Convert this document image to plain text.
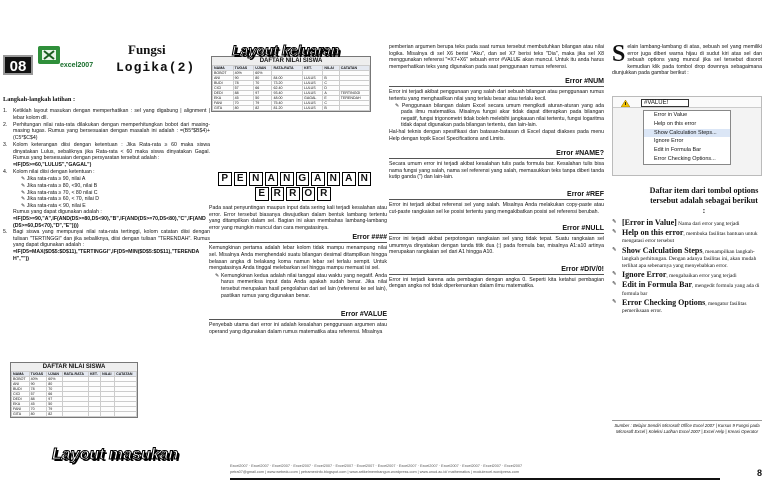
08	excel2007
Fungsi
Logika(2)
Langkah-langkah latihan :
1.	Ketiklah layout masukan dengan memperhatikan : sel yang digabung | alignment | lebar kolom dll.
2.	Perhitungan nilai rata-rata dilakukan dengan memperhitungkan bobot dari masing-masing tugas. Rumus yang bersesuaian dengan masalah ini adalah : =(B5*$B$4)+(C5*$C$4)
3.	Kolom keterangan diisi dengan ketentuan : Jika Rata-rata ≥ 60 maka siswa dinyatakan Lulus, sebaliknya jika Rata-rata < 60 maka siswa dinyatakan Gagal. Rumus yang bersesuaian dengan persyaratan tersebut adalah :
=IF(D5>=60,"LULUS","GAGAL")
4.	Kolom nilai diisi dengan ketentuan :
✎ Jika rata-rata ≥ 90, nilai A
✎ Jika rata-rata ≥ 80, <90, nilai B
✎ Jika rata-rata ≥ 70, < 80 nilai C
✎ Jika rata-rata ≥ 60, < 70, nilai D
✎ Jika rata-rata < 90, nilai E
Rumus yang dapat digunakan adalah :
=IF(D5>=90,"A",IF(AND(D5>=80,D5<90),"B",IF(AND(D5>=70,D5<80),"C",IF(AND(D5>=60,D5<70),"D","E"))))
5.	Bagi siswa yang mempunyai nilai rata-rata tertinggi, kolom catatan diisi dengan tulisan "TERTINGGI" dan jika sebaliknya, diisi dengan tulisan "TERENDAH". Rumus yang dapat digunakan adalah :
=IF(D5=MAX($D$5:$D$11),"TERTINGGI",IF(D5=MIN($D$5:$D$11),"TERENDAH",""))
DAFTAR NILAI SISWA
NAMA	TUGAS	UJIAN	RATA-RATA	KET.	NILAI	CATATAN
BOBOT	40%	60%				
ANI	90	80				
BUDI	78	70				
CICI	57	66				
DEDI	88	97				
EKA	45	50				
FANI	70	79				
GITA	80	82				
Layout masukan
DAFTAR NILAI SISWA
NAMA	TUGAS	UJIAN	RATA-RATA	KET.	NILAI	CATATAN
BOBOT	40%	60%				
ANI	90	80	84.00	LULUS	B	
BUDI	78	70	73.20	LULUS	C	
CICI	57	66	62.40	LULUS	D	
DEDI	88	97	93.40	LULUS	A	TERTINGGI
EKA	45	50	48.00	GAGAL	E	TERENDAH
FANI	70	79	75.40	LULUS	C	
GITA	80	82	81.20	LULUS	B	
Layout keluaran
P E N A N G A N A N
E R R O R
Pada saat penyuntingan maupun input data sering kali terjadi kesalahan atau error. Error tersebut biasanya diwujudkan dalam bentuk lambang tertentu yang ditampilkan dalam sel. Bagian ini akan membahas lambang-lambang error yang mungkin muncul dan cara mengatasinya.
Error ####
Kemungkinan pertama adalah lebar kolom tidak mampu menampung nilai sel. Misalnya Anda menghendaki suatu bilangan desimal ditampilkan hingga belasan angka di belakang koma namun lebar sel terlalu sempit. Untuk mengatasinya Anda tinggal melebarkan sel hingga mampu memuat isi sel.
✎ Kemungkinan kedua adalah nilai tanggal atau waktu yang negatif. Anda harus memeriksa input data Anda apakah sudah benar. Jika nilai tersebut merupakan hasil pengolahan dari sel lain (referensi ke sel lain), pastikan rumus yang digunakan benar.
Error #VALUE
Penyebab utama dari error ini adalah kesalahan penggunaan argumen atau operand yang digunakan dalam rumus matematika atau referensi. Misalnya
pemberian argumen berupa teks pada saat rumus tersebut membutuhkan bilangan atau nilai logika. Misalnya di sel X6 berisi "Aku", dan sel X7 berisi teks "Dia", maka jika sel X8 menggunakan referensi "=X7+X6" sebuah error #VALUE akan muncul. Untuk itu anda harus memperhatikan teks yang digunakan pada saat penggunaan rumus referensi.
Error #NUM
Error ini terjadi akibat penggunaan yang salah dari sebuah bilangan atau penggunaan rumus tertentu yang menghasilkan nilai yang terlalu besar atau terlalu kecil.
✎ Penggunaan bilangan dalam Excel secara umum mengikuti aturan-aturan yang ada pada ilmu matematika. Misalnya fungsi akar tidak dapat diterapkan pada bilangan negatif, fungsi trigonometri tidak boleh melebihi jangkauan nilai tertentu, fungsi logaritma tidak dapat digunakan pada bilangan tertentu, dan lain-lain.
Hal-hal teknis dengan spesifikasi dan batasan-batasan di Excel dapat diakses pada menu Help dengan topik Excel Specifications and Limits.
Error #NAME?
Secara umum error ini terjadi akibat kesalahan tulis pada formula bar. Kesalahan tulis bisa nama fungsi yang salah, nama sel referensi yang salah, memasukkan teks tanpa diberi tanda kutip ganda (") dan lain-lain.
Error #REF
Error ini terjadi akibat referensi sel yang salah. Misalnya Anda melakukan copy-paste atau cut-paste rangkaian sel ke posisi tertentu yang mengakibatkan posisi sel referensi berubah.
Error #NULL
Error ini terjadi akibat perpotongan rangkaian sel yang tidak tepat. Suatu rangkaian sel umumnya dinyatakan dengan tanda titik dua (:) pada formula bar, misalnya A1:a10 artinya merupakan rangkaian sel dari A1 hingga A10.
Error #DIV/0!
Error ini terjadi karena ada pembagian dengan angka 0. Seperti kita ketahui pembagian dengan angka nol tidak diperkenankan dalam ilmu matematika.
Selain lambang-lambang di atas, sebuah sel yang memiliki error juga diberi warna hijau di sudut kiri atas sel dan sebuah options yang muncul jika sel tersebut disorot kemudian klik pada tombol drop downnya sebagaimana diunjukkan pada gambar berikut :
#VALUE!
Error in Value
Help on this error
Show Calculation Steps...
Ignore Error
Edit in Formula Bar
Error Checking Options...
Daftar item dari tombol options tersebut adalah sebagai berikut :
✎ [Error in Value] Nama dari error yang terjadi
✎ Help on this error, membuka fasilitas bantuan untuk mengatasi error tersebut
✎ Show Calculation Steps, menampilkan langkah-langkah perhitungan. Dengan adanya fasilitas ini, akan mudah terlihat apa sebenarnya yang menyebabkan error.
✎ Ignore Error, mengabaikan error yang terjadi
✎ Edit in Formula Bar, mengedit formula yang ada di formula bar
✎ Error Checking Options, mengatur fasilitas pemeriksaan error.
Sumber : Belajar Sendiri Microsoft Office Excel 2007 | Kursus 9 Fungsi pada Microsoft Excel | Koleksi Latihan Excel 2007 | Excel Help | Kreasi Operator
Excel2007 · Excel2007 · Excel2007 · Excel2007 · Excel2007 · Excel2007 · Excel2007 · Excel2007 · Excel2007 · Excel2007 · Excel2007 · Excel2007 · Excel2007 · Excel2007
petra07@gmail.com | www.webedu.com | petramexinfo.blogspot.com | www.artikelmembangun.wordpress.com | www.unud.ac.id/ mathematics | modulexcel.wordpress.com	8
